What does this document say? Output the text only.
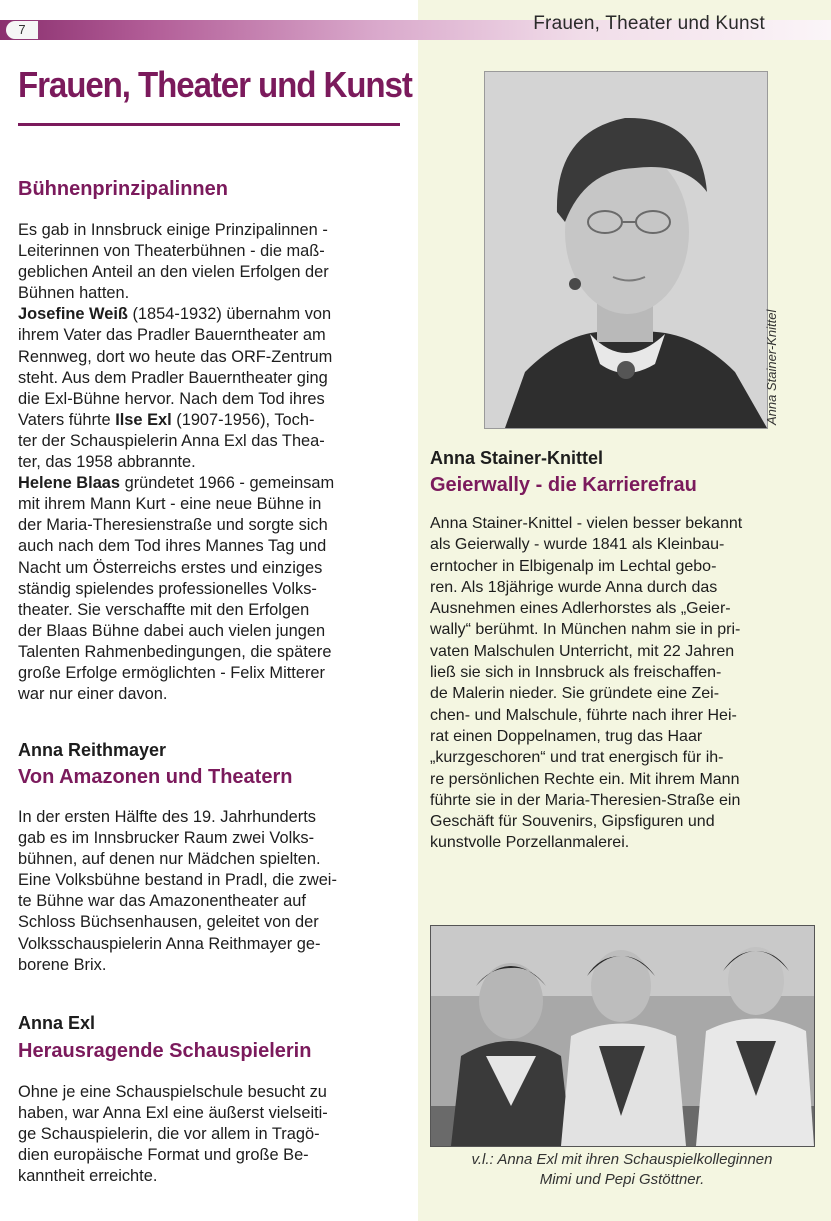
7	Frauen, Theater und Kunst
Frauen, Theater und Kunst
Bühnenprinzipalinnen
Es gab in Innsbruck einige Prinzipalinnen -
Leiterinnen von Theaterbühnen - die maß-
geblichen Anteil an den vielen Erfolgen der
Bühnen hatten.
Josefine Weiß (1854-1932) übernahm von
ihrem Vater das Pradler Bauerntheater am
Rennweg, dort wo heute das ORF-Zentrum
steht. Aus dem Pradler Bauerntheater ging
die Exl-Bühne hervor. Nach dem Tod ihres
Vaters führte Ilse Exl (1907-1956), Toch-
ter der Schauspielerin Anna Exl das Thea-
ter, das 1958 abbrannte.
Helene Blaas gründetet 1966 - gemeinsam
mit ihrem Mann Kurt - eine neue Bühne in
der Maria-Theresienstraße und sorgte sich
auch nach dem Tod ihres Mannes Tag und
Nacht um Österreichs erstes und einziges
ständig spielendes professionelles Volks-
theater. Sie verschaffte mit den Erfolgen
der Blaas Bühne dabei auch vielen jungen
Talenten Rahmenbedingungen, die spätere
große Erfolge ermöglichten - Felix Mitterer
war nur einer davon.
Anna Reithmayer
Von Amazonen und Theatern
In der ersten Hälfte des 19. Jahrhunderts
gab es im Innsbrucker Raum zwei Volks-
bühnen, auf denen nur Mädchen spielten.
Eine Volksbühne bestand in Pradl, die zwei-
te Bühne war das Amazonentheater auf
Schloss Büchsenhausen, geleitet von der
Volksschauspielerin Anna Reithmayer ge-
borene Brix.
Anna Exl
Herausragende Schauspielerin
Ohne je eine Schauspielschule besucht zu
haben, war Anna Exl eine äußerst vielseiti-
ge Schauspielerin, die vor allem in Tragö-
dien europäische Format und große Be-
kanntheit erreichte.
Anna Stainer-Knittel
Anna Stainer-Knittel
Geierwally - die Karrierefrau
Anna Stainer-Knittel - vielen besser bekannt
als Geierwally - wurde 1841 als Kleinbau-
erntocher in Elbigenalp im Lechtal gebo-
ren. Als 18jährige wurde Anna durch das
Ausnehmen eines Adlerhorstes als „Geier-
wally“ berühmt. In München nahm sie in pri-
vaten Malschulen Unterricht, mit 22 Jahren
ließ sie sich in Innsbruck als freischaffen-
de Malerin nieder. Sie gründete eine Zei-
chen- und Malschule, führte nach ihrer Hei-
rat einen Doppelnamen, trug das Haar
„kurzgeschoren“ und trat energisch für ih-
re persönlichen Rechte ein. Mit ihrem Mann
führte sie in der Maria-Theresien-Straße ein
Geschäft für Souvenirs, Gipsfiguren und
kunstvolle Porzellanmalerei.
v.l.: Anna Exl mit ihren Schauspielkolleginnen
Mimi und Pepi Gstöttner.
